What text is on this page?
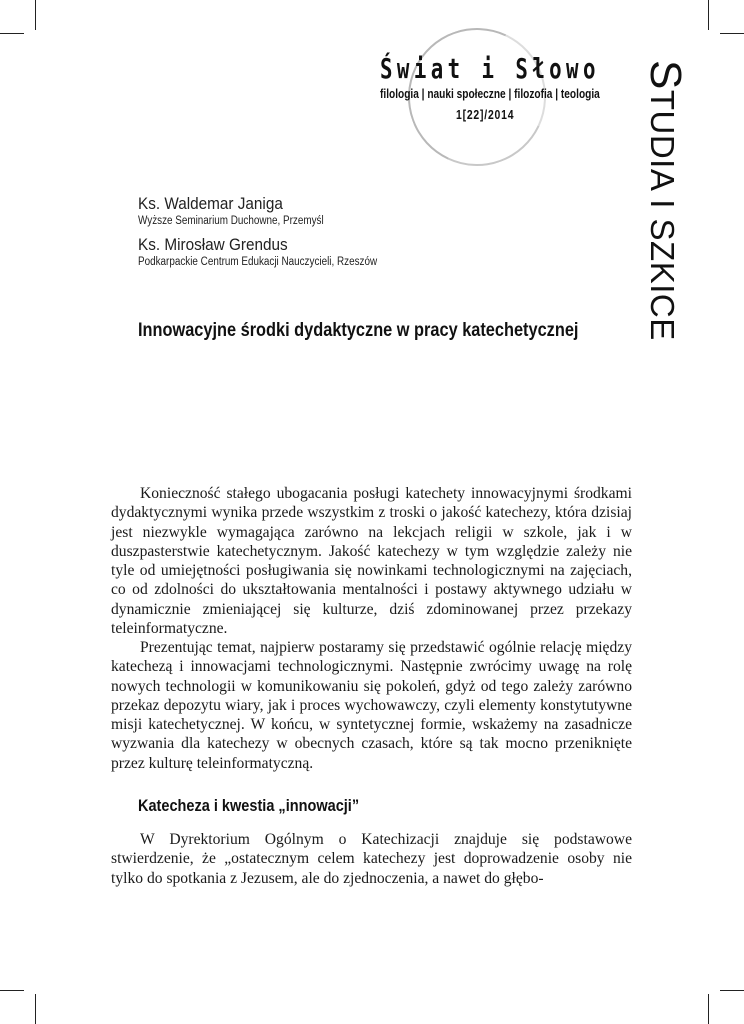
Świat i Słowo
filologia | nauki społeczne | filozofia | teologia
1[22]/2014
STUDIA I SZKICE
Ks. Waldemar Janiga
Wyższe Seminarium Duchowne, Przemyśl
Ks. Mirosław Grendus
Podkarpackie Centrum Edukacji Nauczycieli, Rzeszów
Innowacyjne środki dydaktyczne w pracy katechetycznej

Konieczność stałego ubogacania posługi katechety innowacyjnymi środkami dydaktycznymi wynika przede wszystkim z troski o jakość katechezy, która dzisiaj jest niezwykle wymagająca zarówno na lekcjach religii w szkole, jak i w duszpasterstwie katechetycznym. Jakość katechezy w tym względzie zależy nie tyle od umiejętności posługiwania się nowinkami technologicznymi na zajęciach, co od zdolności do ukształtowania mentalności i postawy aktywnego udziału w dynamicznie zmieniającej się kulturze, dziś zdominowanej przez przekazy teleinformatyczne.

Prezentując temat, najpierw postaramy się przedstawić ogólnie relację między katechezą i innowacjami technologicznymi. Następnie zwrócimy uwagę na rolę nowych technologii w komunikowaniu się pokoleń, gdyż od tego zależy zarówno przekaz depozytu wiary, jak i proces wychowawczy, czyli elementy konstytutywne misji katechetycznej. W końcu, w syntetycznej formie, wskażemy na zasadnicze wyzwania dla katechezy w obecnych czasach, które są tak mocno przeniknięte przez kulturę teleinformatyczną.

Katecheza i kwestia „innowacji”

W Dyrektorium Ogólnym o Katechizacji znajduje się podstawowe stwierdzenie, że „ostatecznym celem katechezy jest doprowadzenie osoby nie tylko do spotkania z Jezusem, ale do zjednoczenia, a nawet do głębo-
